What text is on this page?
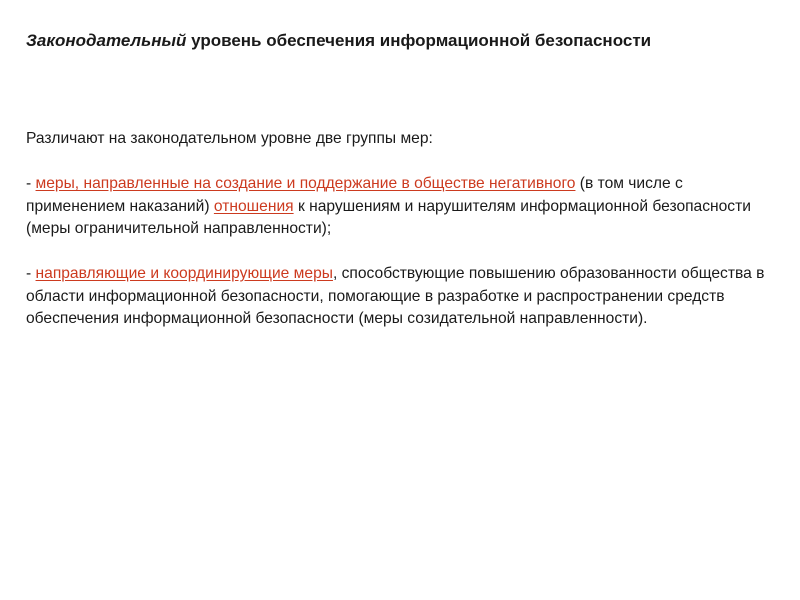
Законодательный уровень обеспечения информационной безопасности

Различают на законодательном уровне две группы мер:

- меры, направленные на создание и поддержание в обществе негативного (в том числе с применением наказаний) отношения к нарушениям и нарушителям информационной безопасности (меры ограничительной направленности);

- направляющие и координирующие меры, способствующие повышению образованности общества в области информационной безопасности, помогающие в разработке и распространении средств обеспечения информационной безопасности (меры созидательной направленности).
